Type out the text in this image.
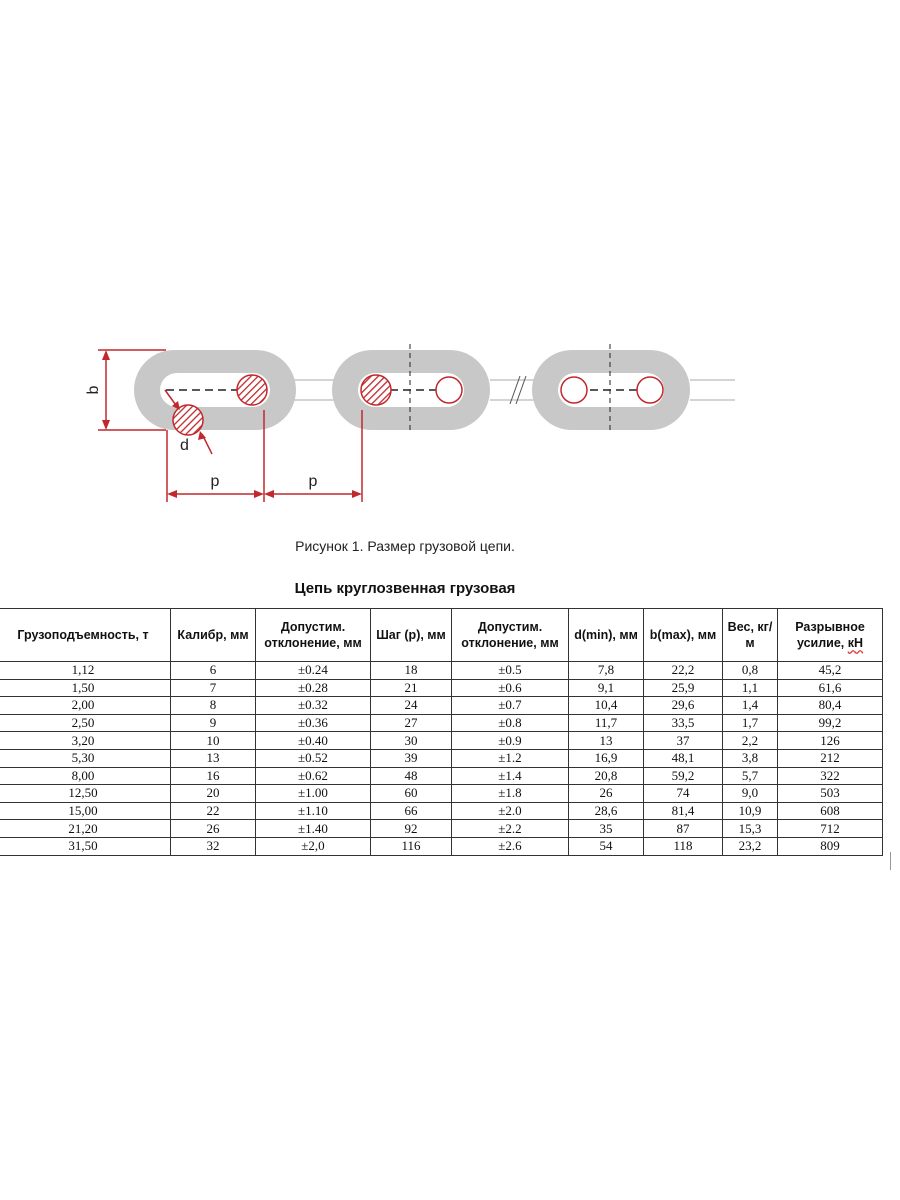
b
d
p	p
Рисунок 1. Размер грузовой цепи.
Цепь круглозвенная грузовая
	Грузоподъемность, т	Калибр, мм	Допустим. отклонение, мм	Шаг (p), мм	Допустим. отклонение, мм	d(min), мм	b(max), мм	Вес, кг/м	Разрывное усилие, кН
	1,12	6	±0.24	18	±0.5	7,8	22,2	0,8	45,2
	1,50	7	±0.28	21	±0.6	9,1	25,9	1,1	61,6
	2,00	8	±0.32	24	±0.7	10,4	29,6	1,4	80,4
	2,50	9	±0.36	27	±0.8	11,7	33,5	1,7	99,2
	3,20	10	±0.40	30	±0.9	13	37	2,2	126
	5,30	13	±0.52	39	±1.2	16,9	48,1	3,8	212
	8,00	16	±0.62	48	±1.4	20,8	59,2	5,7	322
	12,50	20	±1.00	60	±1.8	26	74	9,0	503
	15,00	22	±1.10	66	±2.0	28,6	81,4	10,9	608
	21,20	26	±1.40	92	±2.2	35	87	15,3	712
	31,50	32	±2,0	116	±2.6	54	118	23,2	809
